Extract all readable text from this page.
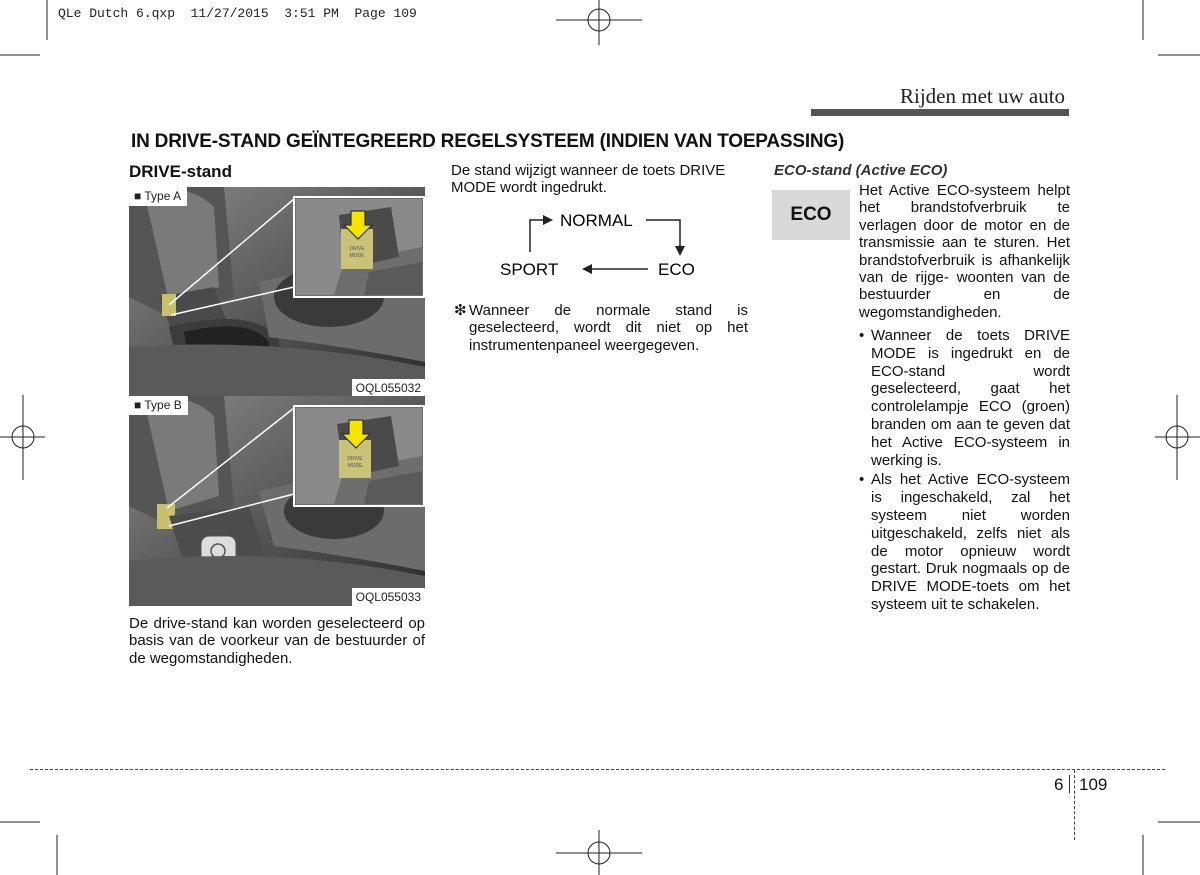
QLe Dutch 6.qxp  11/27/2015  3:51 PM  Page 109
Rijden met uw auto
IN DRIVE-STAND GEÏNTEGREERD REGELSYSTEEM (INDIEN VAN TOEPASSING)
DRIVE-stand
DRIVE
MODE
■ Type A
OQL055032
DRIVE
MODE
■ Type B
OQL055033
De drive-stand kan worden geselecteerd op basis van de voorkeur van de bestuurder of de wegomstandigheden.
De stand wijzigt wanneer de toets DRIVE MODE wordt ingedrukt.
NORMAL
SPORT	ECO
❇ Wanneer de normale stand is geselecteerd, wordt dit niet op het instrumentenpaneel weergegeven.
ECO-stand (Active ECO)
ECO
Het Active ECO-systeem helpt het brandstofverbruik te verlagen door de motor en de transmissie aan te sturen. Het brandstofverbruik is afhankelijk van de rijge- woonten van de bestuurder en de wegomstandigheden.
• Wanneer de toets DRIVE MODE is ingedrukt en de ECO-stand wordt geselecteerd, gaat het controlelampje ECO (groen) branden om aan te geven dat het Active ECO-systeem in werking is.
• Als het Active ECO-systeem is ingeschakeld, zal het systeem niet worden uitgeschakeld, zelfs niet als de motor opnieuw wordt gestart. Druk nogmaals op de DRIVE MODE-toets om het systeem uit te schakelen.
6 109
